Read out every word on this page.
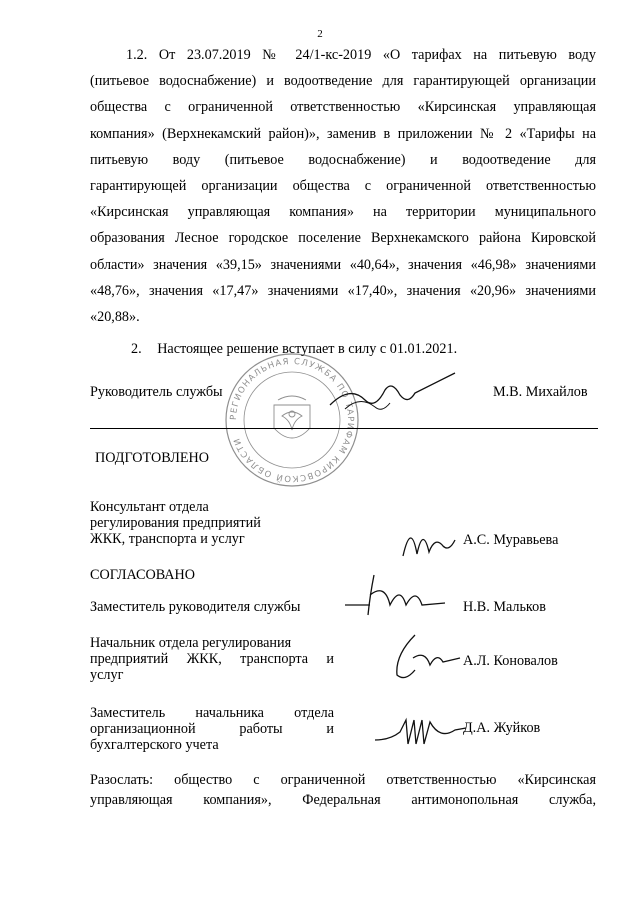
2
1.2. От 23.07.2019 № 24/1-кс-2019 «О тарифах на питьевую воду
(питьевое водоснабжение) и водоотведение для гарантирующей организации
общества с ограниченной ответственностью «Кирсинская управляющая
компания» (Верхнекамский район)», заменив в приложении № 2 «Тарифы на
питьевую воду (питьевое водоснабжение) и водоотведение для
гарантирующей организации общества с ограниченной ответственностью
«Кирсинская управляющая компания» на территории муниципального
образования Лесное городское поселение Верхнекамского района Кировской
области» значения «39,15» значениями «40,64», значения «46,98» значениями
«48,76», значения «17,47» значениями «17,40», значения «20,96» значениями
«20,88».
2. Настоящее решение вступает в силу с 01.01.2021.
Руководитель службы	М.В. Михайлов
РЕГИОНАЛЬНАЯ СЛУЖБА ПО ТАРИФАМ КИРОВСКОЙ ОБЛАСТИ
ПОДГОТОВЛЕНО
Консультант отдела
регулирования предприятий
ЖКК, транспорта и услуг	А.С. Муравьева
СОГЛАСОВАНО
Заместитель руководителя службы	Н.В. Мальков
Начальник отдела регулирования
предприятий ЖКК, транспорта и
услуг
А.Л. Коновалов
Заместитель начальника отдела
организационной работы и
бухгалтерского учета
Д.А. Жуйков
Разослать: общество с ограниченной ответственностью «Кирсинская
управляющая компания», Федеральная антимонопольная служба,
